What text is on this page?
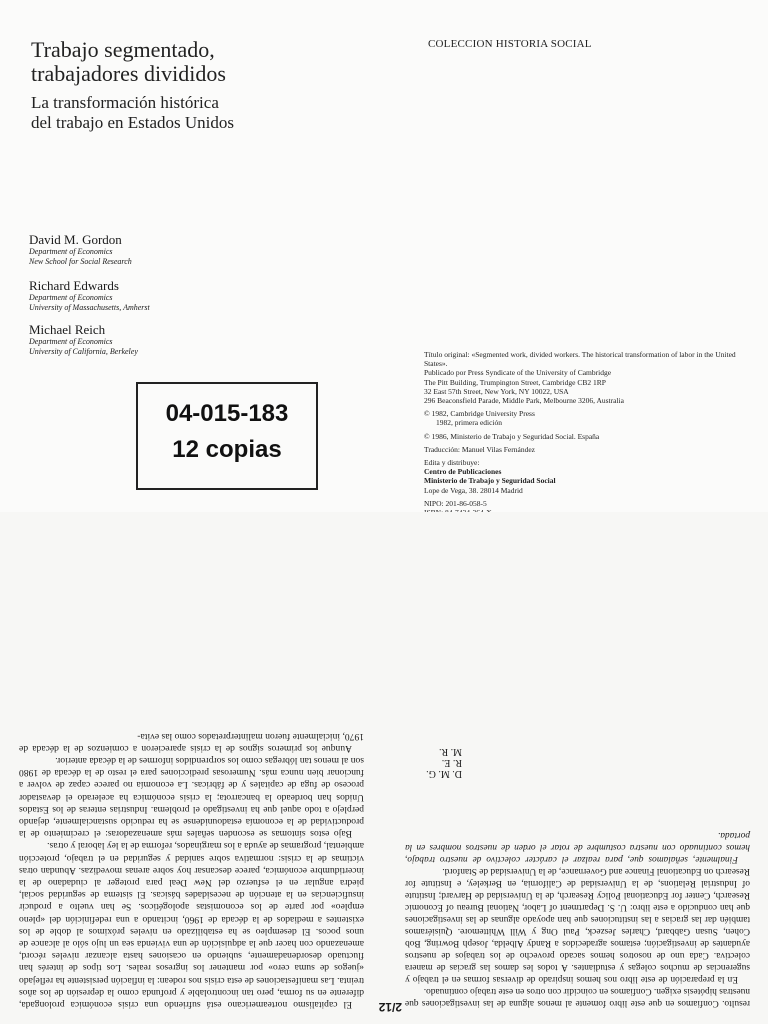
Trabajo segmentado,
trabajadores divididos
La transformación histórica
del trabajo en Estados Unidos
COLECCION HISTORIA SOCIAL
David M. Gordon
Department of Economics
New School for Social Research
Richard Edwards
Department of Economics
University of Massachusetts, Amherst
Michael Reich
Department of Economics
University of California, Berkeley
04-015-183
12 copias

Título original: «Segmented work, divided workers. The historical transformation of labor in the United States».

Publicado por Press Syndicate of the University of Cambridge

The Pitt Building, Trumpington Street, Cambridge CB2 1RP

32 East 57th Street, New York, NY 10022, USA

296 Beaconsfield Parade, Middle Park, Melbourne 3206, Australia

© 1982, Cambridge University Press

1982, primera edición

© 1986, Ministerio de Trabajo y Seguridad Social. España

Traducción: Manuel Vilas Fernández

Edita y distribuye:

Centro de Publicaciones

Ministerio de Trabajo y Seguridad Social

Lope de Vega, 38. 28014 Madrid

NIPO: 201-86-058-5

resulto. Confiamos en que este libro fomente al menos alguna de las investigaciones que nuestras hipótesis exigen. Confiamos en coincidir con otros en este trabajo continuado.

En la preparación de este libro nos hemos inspirado de diversas formas en el trabajo y sugerencias de muchos colegas y estudiantes. A todos les damos las gracias de manera colectiva. Cada uno de nosotros hemos sacado provecho de los trabajos de nuestros ayudantes de investigación; estamos agradecidos a Randy Albelda, Joseph Bowring, Bob Cohen, Susan Gabbard, Charles Jeszeck, Paul Ong y Will Whittemore. Quisiéramos también dar las gracias a las instituciones que han apoyado algunas de las investigaciones que han conducido a este libro: U. S. Department of Labor, National Bureau of Economic Research, Center for Educational Policy Research, de la Universidad de Harvard; Institute of Industrial Relations, de la Universidad de California, en Berkeley, e Institute for Research on Educational Finance and Governance, de la Universidad de Stanford.

Finalmente, señalamos que, para realzar el carácter colectivo de nuestro trabajo, hemos continuado con nuestra costumbre de rotar el orden de nuestros nombres en la portada.

D. M. G.
R. E.
M. R.
2/12

El capitalismo norteamericano está sufriendo una crisis económica prolongada, diferente en su forma, pero tan incontrolable y profunda como la depresión de los años treinta. Las manifestaciones de esta crisis nos rodean: la inflación persistente ha reflejado «juegos de suma cero» por mantener los ingresos reales. Los tipos de interés han fluctuado desordenadamente, subiendo en ocasiones hasta alcanzar niveles récord, amenazando con hacer que la adquisición de una vivienda sea un lujo sólo al alcance de unos pocos. El desempleo se ha estabilizado en niveles próximos al doble de los existentes a mediados de la década de 1960, incitando a una redefinición del «pleno empleo» por parte de los economistas apologéticos. Se han vuelto a producir insuficiencias en la atención de necesidades básicas. El sistema de seguridad social, piedra angular en el esfuerzo del New Deal para proteger al ciudadano de la incertidumbre económica, parece descansar hoy sobre arenas movedizas. Abundan otras víctimas de la crisis: normativa sobre sanidad y seguridad en el trabajo, protección ambiental, programas de ayuda a los marginados, reforma de la ley laboral y otras.

Bajo estos síntomas se esconden señales más amenazadoras: el crecimiento de la productividad de la economía estadounidense se ha reducido sustancialmente, dejando perplejo a todo aquel que ha investigado el problema. Industrias enteras de los Estados Unidos han bordeado la bancarrota; la crisis económica ha acelerado el devastador proceso de fuga de capitales y de fábricas. La economía no parece capaz de volver a funcionar bien nunca más. Numerosas predicciones para el resto de la década de 1980 son al menos tan lóbregas como los sorprendidos informes de la década anterior.

Aunque los primeros signos de la crisis aparecieron a comienzos de la década de 1970, inicialmente fueron malinterpretados como las evita-
